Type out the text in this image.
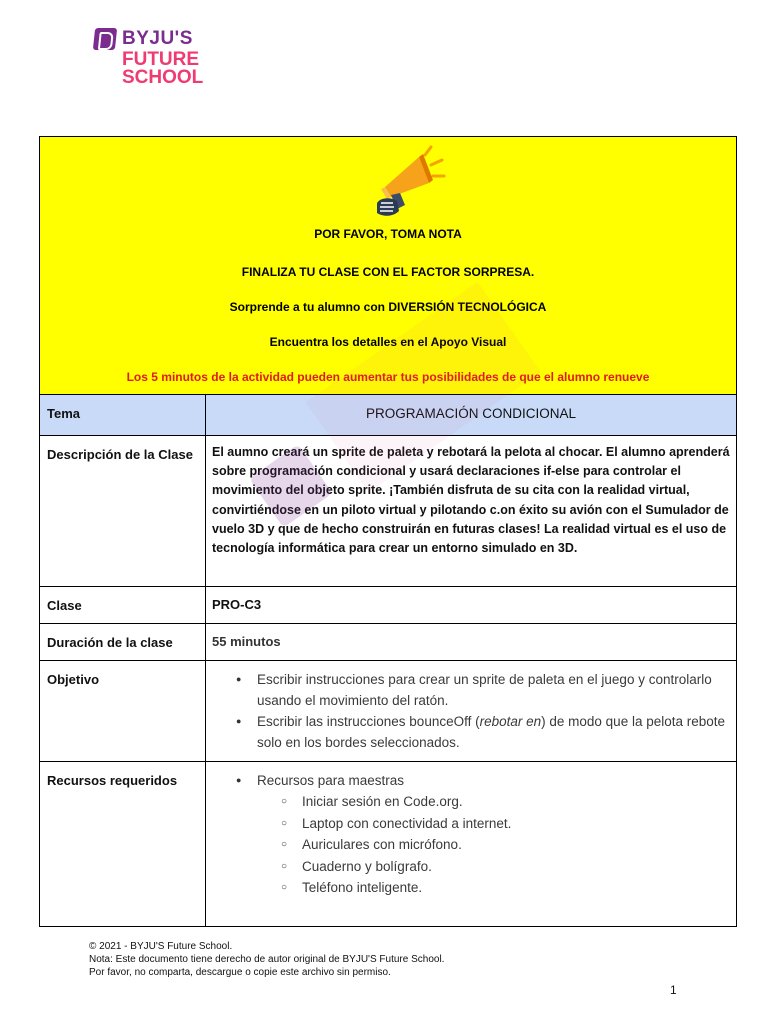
BYJU'S
FUTURE
SCHOOL
POR FAVOR, TOMA NOTA
FINALIZA TU CLASE CON EL FACTOR SORPRESA.
Sorprende a tu alumno con DIVERSIÓN TECNOLÓGICA
Encuentra los detalles en el Apoyo Visual
Los 5 minutos de la actividad pueden aumentar tus posibilidades de que el alumno renueve
Tema	PROGRAMACIÓN CONDICIONAL
Descripción de la Clase	El aumno creará un sprite de paleta y rebotará la pelota al chocar. El alumno aprenderá sobre programación condicional y usará declaraciones if-else para controlar el movimiento del objeto sprite. ¡También disfruta de su cita con la realidad virtual, convirtiéndose en un piloto virtual y pilotando c.on éxito su avión con el Sumulador de vuelo 3D y que de hecho construirán en futuras clases! La realidad virtual es el uso de tecnología informática para crear un entorno simulado en 3D.
Clase	PRO-C3
Duración de la clase	55 minutos
Objetivo	● Escribir instrucciones para crear un sprite de paleta en el juego y controlarlo usando el movimiento del ratón.
● Escribir las instrucciones bounceOff (rebotar en) de modo que la pelota rebote solo en los bordes seleccionados.
Recursos requeridos	● Recursos para maestras
○ Iniciar sesión en Code.org.
○ Laptop con conectividad a internet.
○ Auriculares con micrófono.
○ Cuaderno y bolígrafo.
○ Teléfono inteligente.
© 2021 - BYJU'S Future School.
Nota: Este documento tiene derecho de autor original de BYJU'S Future School.
Por favor, no comparta, descargue o copie este archivo sin permiso.
1
